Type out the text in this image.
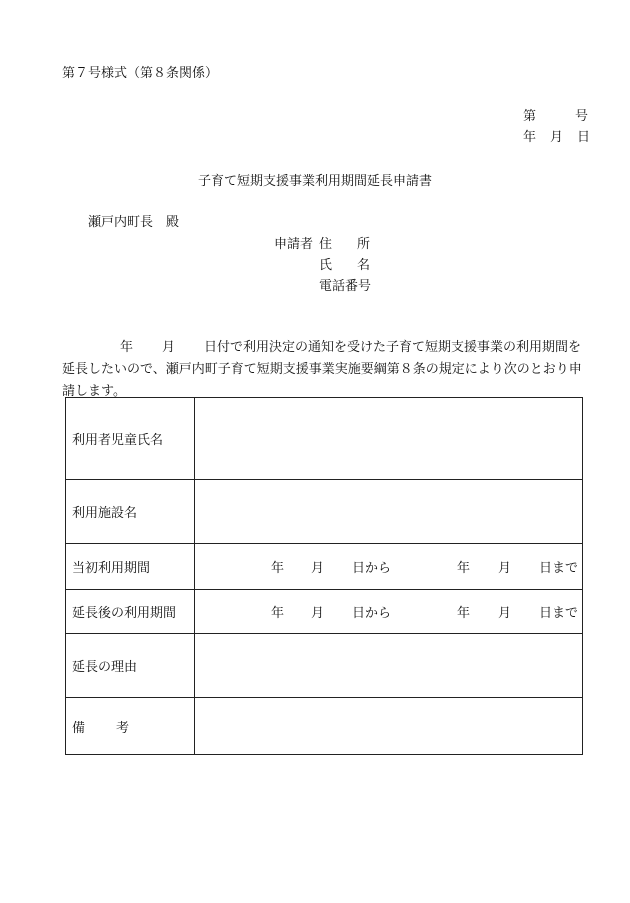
第７号様式（第８条関係）
第	号
年 月 日
子育て短期支援事業利用期間延長申請書
瀬戸内町長　殿
申請者 住 所
氏 名
電話番号
年 月 日付で利用決定の通知を受けた子育て短期支援事業の利用期間を
延長したいので、瀬戸内町子育て短期支援事業実施要綱第８条の規定により次のとおり申請します。
利用者児童氏名	
利用施設名	
当初利用期間	年 月 日から 年 月 日まで
延長後の利用期間	年 月 日から 年 月 日まで
延長の理由	
備 考	
